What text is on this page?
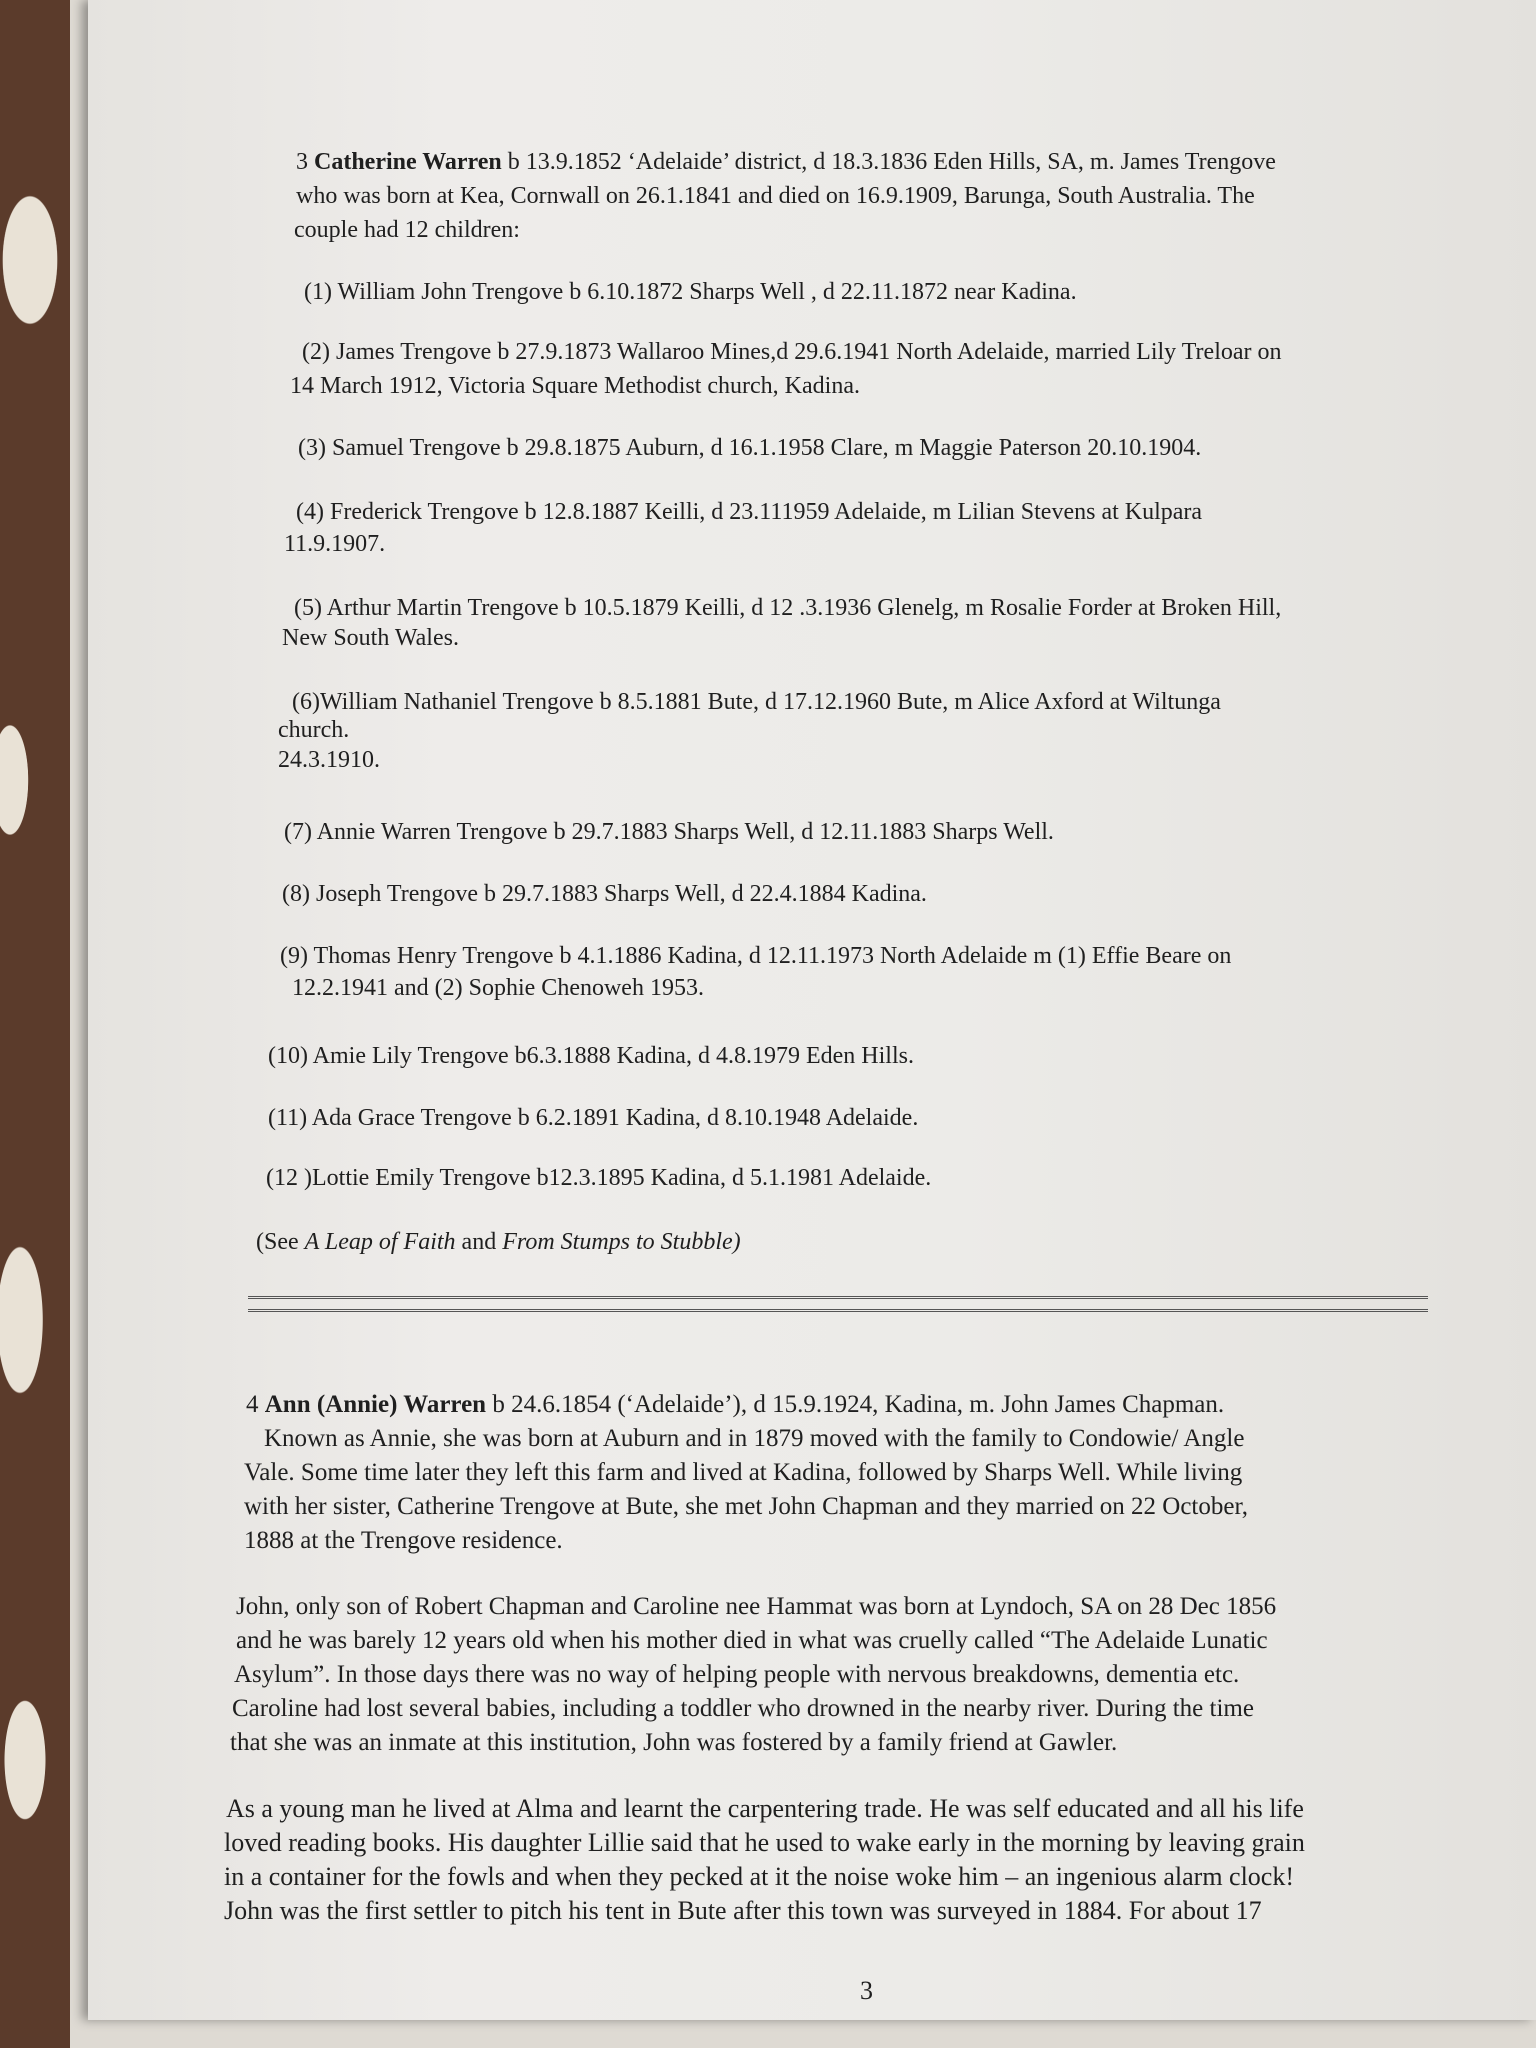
3 Catherine Warren b 13.9.1852 ‘Adelaide’ district, d 18.3.1836 Eden Hills, SA, m. James Trengove
who was born at Kea, Cornwall on 26.1.1841 and died on 16.9.1909, Barunga, South Australia. The
couple had 12 children:
(1) William John Trengove b 6.10.1872 Sharps Well , d 22.11.1872 near Kadina.
(2) James Trengove b 27.9.1873 Wallaroo Mines,d 29.6.1941 North Adelaide, married Lily Treloar on
14 March 1912, Victoria Square Methodist church, Kadina.
(3) Samuel Trengove b 29.8.1875 Auburn, d 16.1.1958 Clare, m Maggie Paterson 20.10.1904.
(4) Frederick Trengove b 12.8.1887 Keilli, d 23.111959 Adelaide, m Lilian Stevens at Kulpara
11.9.1907.
(5) Arthur Martin Trengove b 10.5.1879 Keilli, d 12 .3.1936 Glenelg, m Rosalie Forder at Broken Hill,
New South Wales.
(6)William Nathaniel Trengove b 8.5.1881 Bute, d 17.12.1960 Bute, m Alice Axford at Wiltunga
church.
24.3.1910.
(7) Annie Warren Trengove b 29.7.1883 Sharps Well, d 12.11.1883 Sharps Well.
(8) Joseph Trengove b 29.7.1883 Sharps Well, d 22.4.1884 Kadina.
(9) Thomas Henry Trengove b 4.1.1886 Kadina, d 12.11.1973 North Adelaide m (1) Effie Beare on
12.2.1941 and (2) Sophie Chenoweh 1953.
(10) Amie Lily Trengove b6.3.1888 Kadina, d 4.8.1979 Eden Hills.
(11) Ada Grace Trengove b 6.2.1891 Kadina, d 8.10.1948 Adelaide.
(12 )Lottie Emily Trengove b12.3.1895 Kadina, d 5.1.1981 Adelaide.
(See A Leap of Faith and From Stumps to Stubble)
4 Ann (Annie) Warren b 24.6.1854 (‘Adelaide’), d 15.9.1924, Kadina, m. John James Chapman.
Known as Annie, she was born at Auburn and in 1879 moved with the family to Condowie/ Angle
Vale. Some time later they left this farm and lived at Kadina, followed by Sharps Well. While living
with her sister, Catherine Trengove at Bute, she met John Chapman and they married on 22 October,
1888 at the Trengove residence.
John, only son of Robert Chapman and Caroline nee Hammat was born at Lyndoch, SA on 28 Dec 1856
and he was barely 12 years old when his mother died in what was cruelly called “The Adelaide Lunatic
Asylum”. In those days there was no way of helping people with nervous breakdowns, dementia etc.
Caroline had lost several babies, including a toddler who drowned in the nearby river. During the time
that she was an inmate at this institution, John was fostered by a family friend at Gawler.
As a young man he lived at Alma and learnt the carpentering trade. He was self educated and all his life
loved reading books. His daughter Lillie said that he used to wake early in the morning by leaving grain
in a container for the fowls and when they pecked at it the noise woke him – an ingenious alarm clock!
John was the first settler to pitch his tent in Bute after this town was surveyed in 1884. For about 17
3
